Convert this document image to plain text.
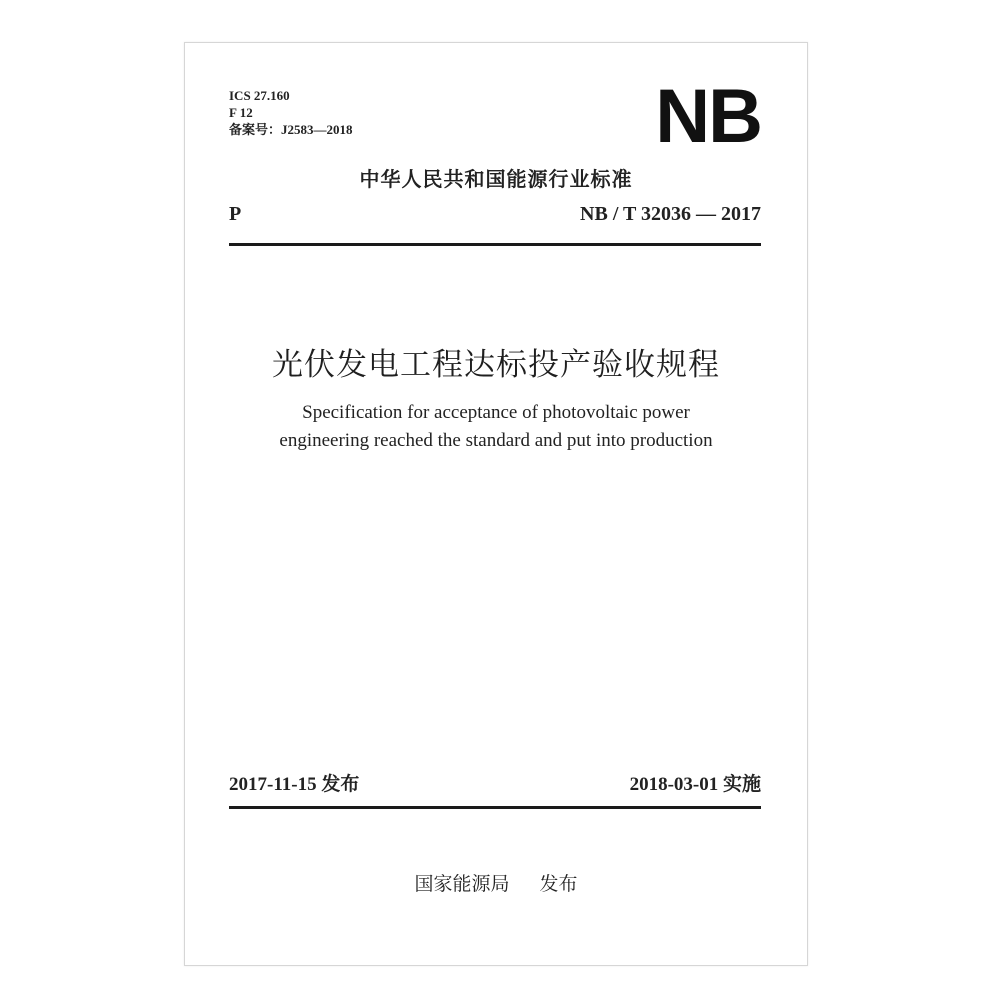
ICS 27.160
F 12
备案号：J2583—2018	NB
中华人民共和国能源行业标准
P	NB / T 32036 — 2017
光伏发电工程达标投产验收规程
Specification for acceptance of photovoltaic power
engineering reached the standard and put into production
2017-11-15 发布	2018-03-01 实施
国家能源局 发布
